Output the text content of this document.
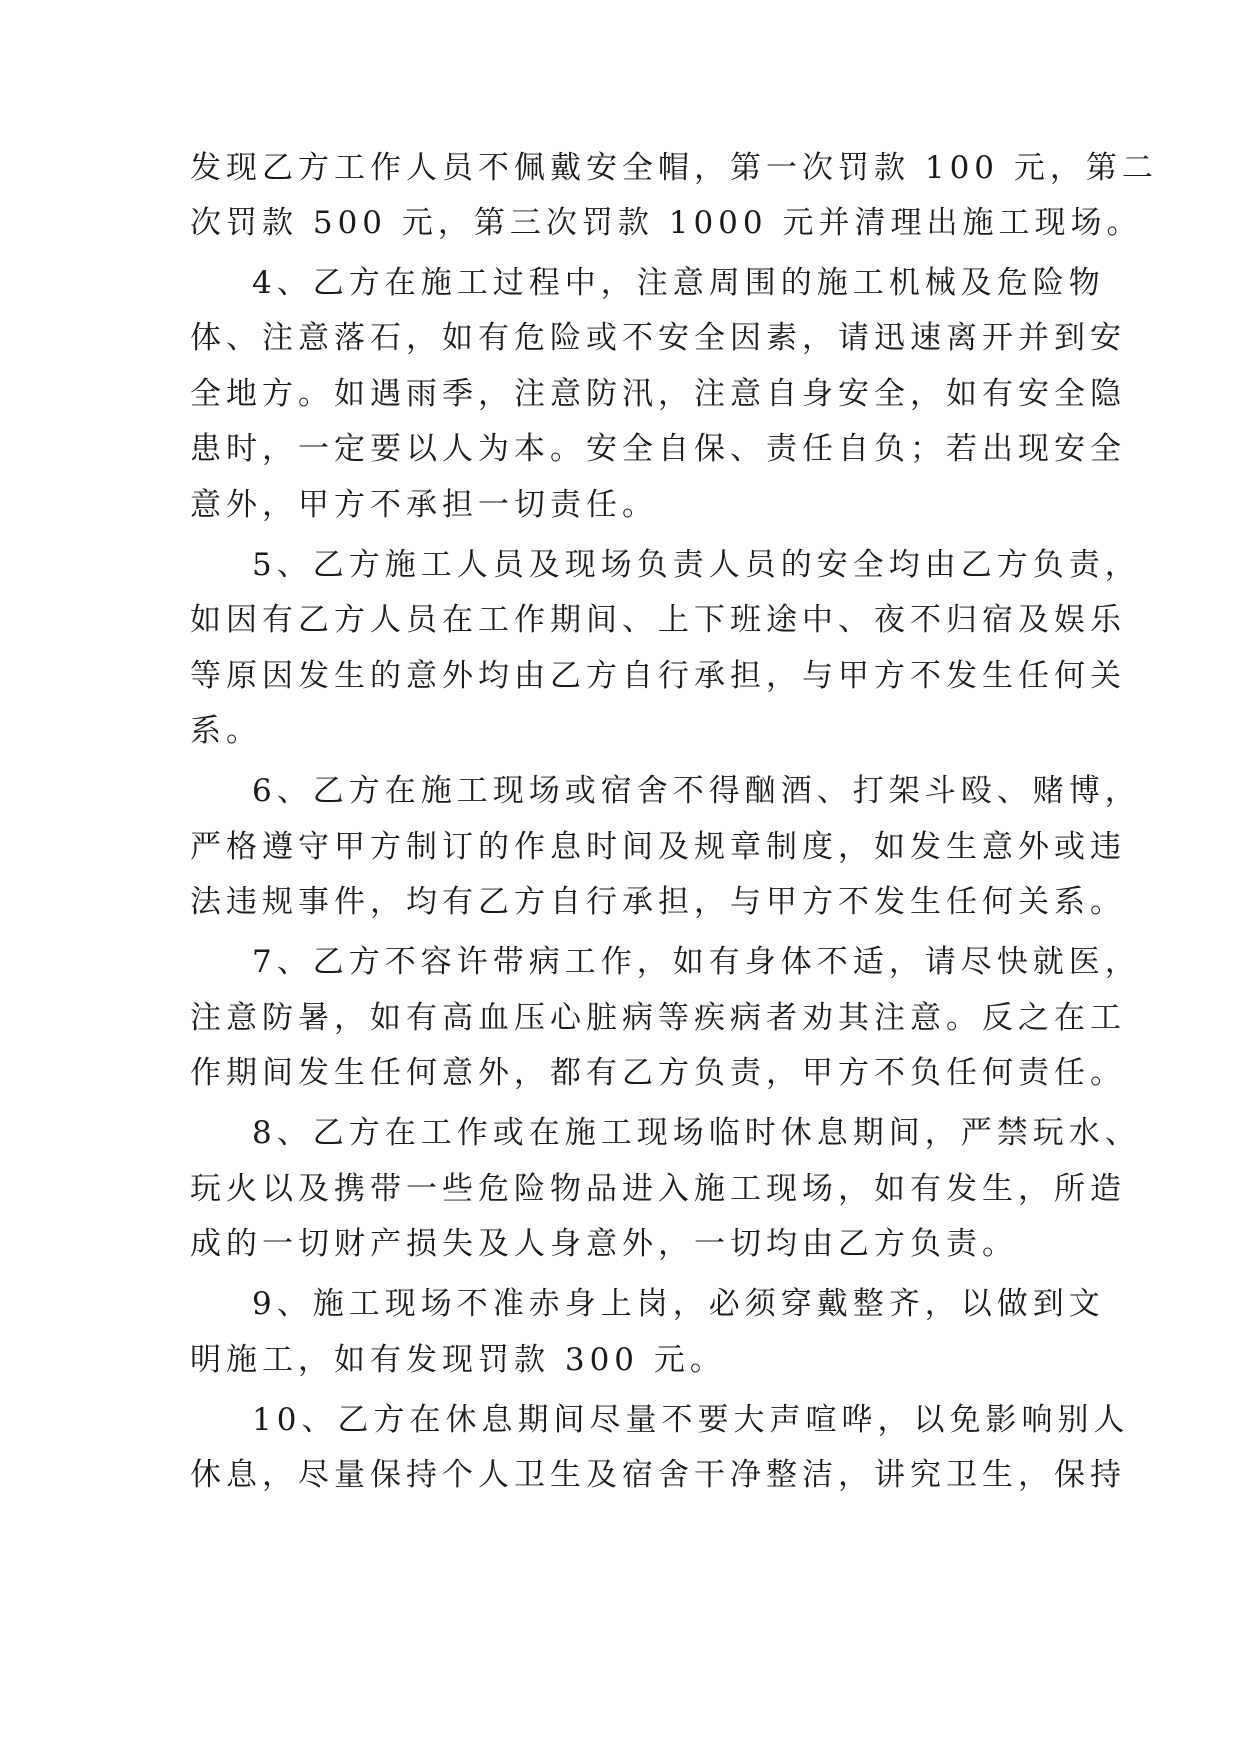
发现乙方工作人员不佩戴安全帽，第一次罚款 100 元，第二

次罚款 500 元，第三次罚款 1000 元并清理出施工现场。

4、乙方在施工过程中，注意周围的施工机械及危险物

体、注意落石，如有危险或不安全因素，请迅速离开并到安

全地方。如遇雨季，注意防汛，注意自身安全，如有安全隐

患时，一定要以人为本。安全自保、责任自负；若出现安全

意外，甲方不承担一切责任。

5、乙方施工人员及现场负责人员的安全均由乙方负责，

如因有乙方人员在工作期间、上下班途中、夜不归宿及娱乐

等原因发生的意外均由乙方自行承担，与甲方不发生任何关

系。

6、乙方在施工现场或宿舍不得酗酒、打架斗殴、赌博，

严格遵守甲方制订的作息时间及规章制度，如发生意外或违

法违规事件，均有乙方自行承担，与甲方不发生任何关系。

7、乙方不容许带病工作，如有身体不适，请尽快就医，

注意防暑，如有高血压心脏病等疾病者劝其注意。反之在工

作期间发生任何意外，都有乙方负责，甲方不负任何责任。

8、乙方在工作或在施工现场临时休息期间，严禁玩水、

玩火以及携带一些危险物品进入施工现场，如有发生，所造

成的一切财产损失及人身意外，一切均由乙方负责。

9、施工现场不准赤身上岗，必须穿戴整齐，以做到文

明施工，如有发现罚款 300 元。

10、乙方在休息期间尽量不要大声喧哗，以免影响别人

休息，尽量保持个人卫生及宿舍干净整洁，讲究卫生，保持
